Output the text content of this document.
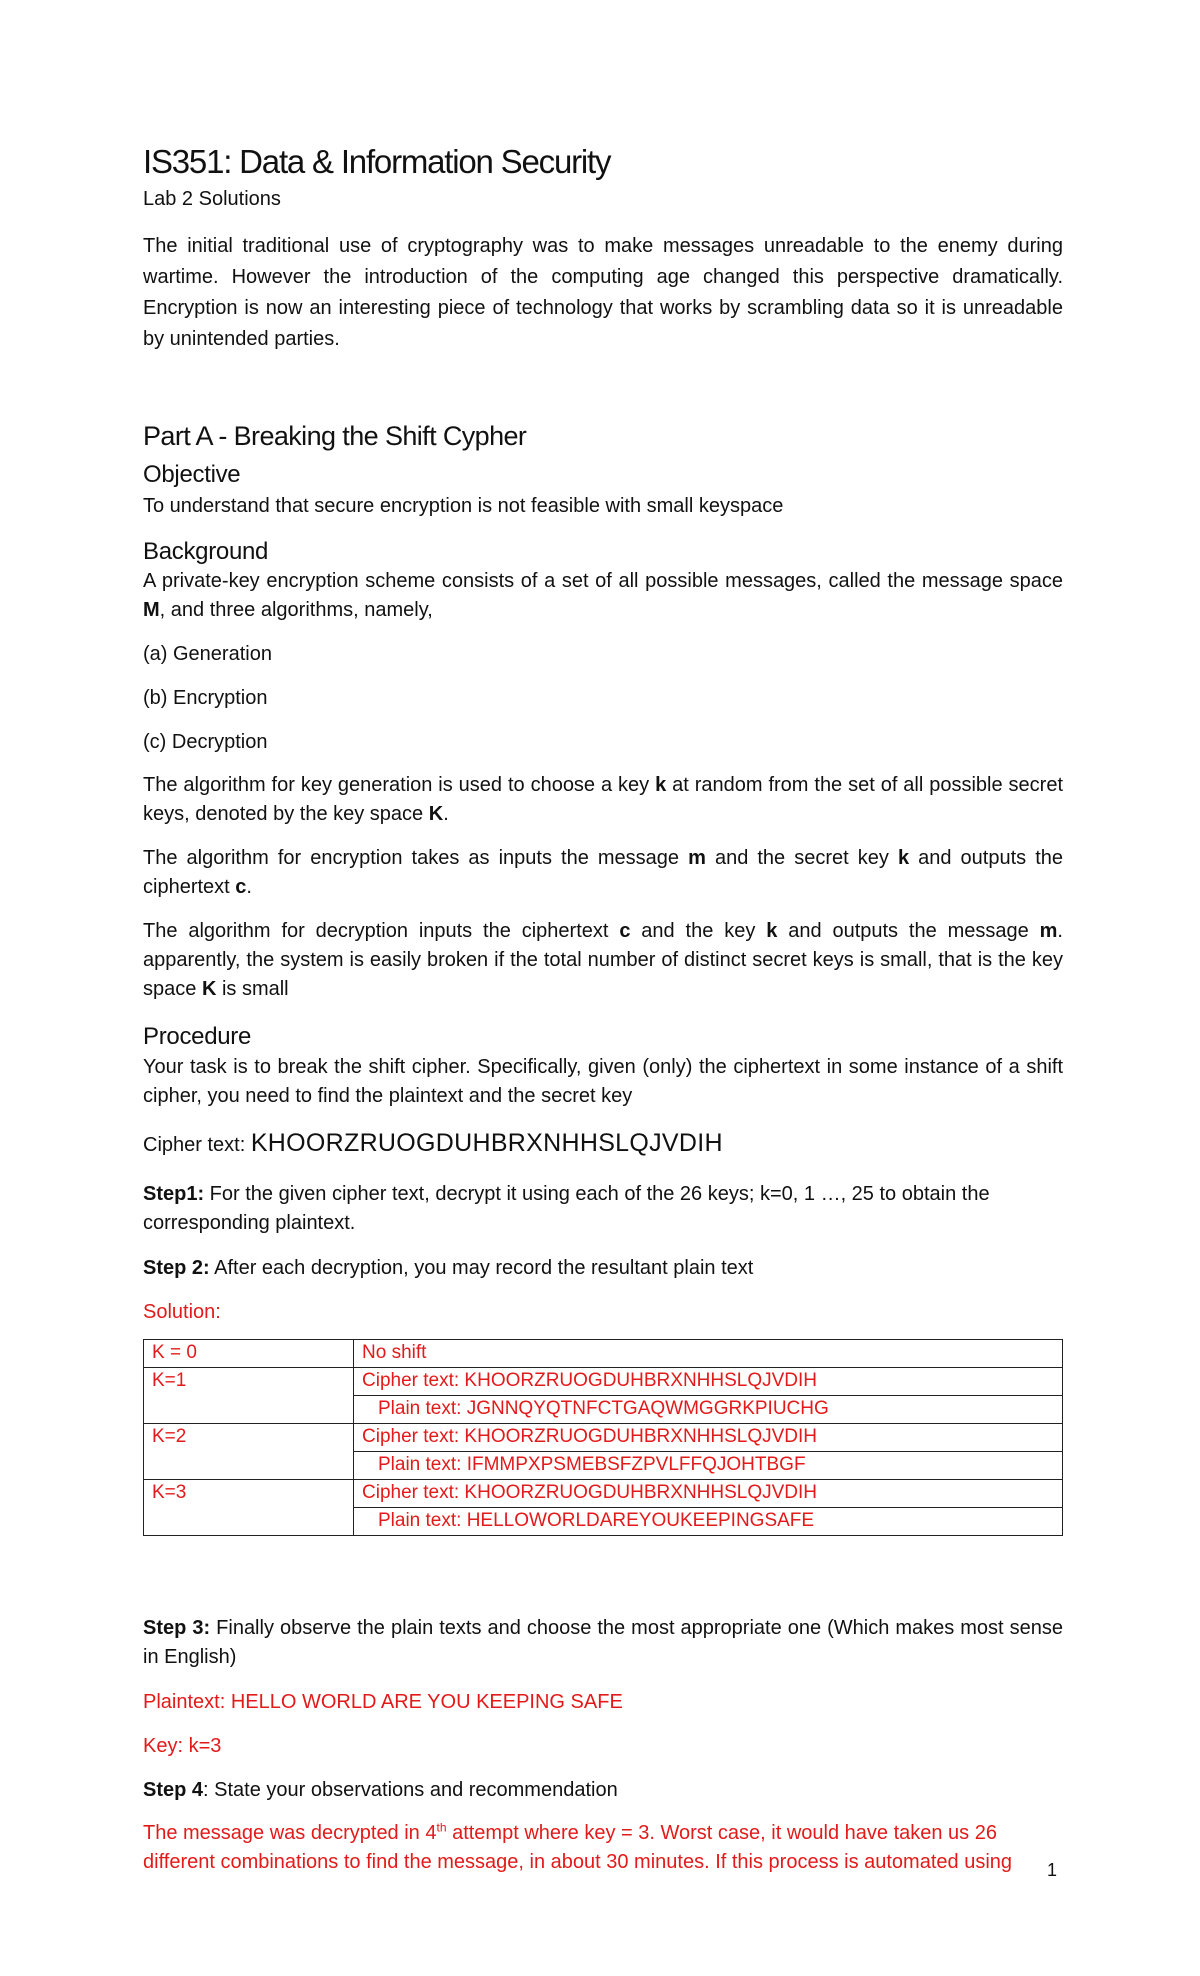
IS351: Data & Information Security
Lab 2 Solutions

The initial traditional use of cryptography was to make messages unreadable to the enemy during wartime. However the introduction of the computing age changed this perspective dramatically. Encryption is now an interesting piece of technology that works by scrambling data so it is unreadable by unintended parties.

Part A - Breaking the Shift Cypher
Objective

To understand that secure encryption is not feasible with small keyspace

Background

A private-key encryption scheme consists of a set of all possible messages, called the message space M, and three algorithms, namely,

(a) Generation

(b) Encryption

(c) Decryption

The algorithm for key generation is used to choose a key k at random from the set of all possible secret keys, denoted by the key space K.

The algorithm for encryption takes as inputs the message m and the secret key k and outputs the ciphertext c.

The algorithm for decryption inputs the ciphertext c and the key k and outputs the message m. apparently, the system is easily broken if the total number of distinct secret keys is small, that is the key space K is small

Procedure

Your task is to break the shift cipher. Specifically, given (only) the ciphertext in some instance of a shift cipher, you need to find the plaintext and the secret key

Cipher text: KHOORZRUOGDUHBRXNHHSLQJVDIH

Step1: For the given cipher text, decrypt it using each of the 26 keys; k=0, 1 …, 25 to obtain the corresponding plaintext.

Step 2: After each decryption, you may record the resultant plain text

Solution:

K = 0	No shift
K=1	Cipher text: KHOORZRUOGDUHBRXNHHSLQJVDIH
	Plain text: JGNNQYQTNFCTGAQWMGGRKPIUCHG
K=2	Cipher text: KHOORZRUOGDUHBRXNHHSLQJVDIH
	Plain text: IFMMPXPSMEBSFZPVLFFQJOHTBGF
K=3	Cipher text: KHOORZRUOGDUHBRXNHHSLQJVDIH
	Plain text: HELLOWORLDAREYOUKEEPINGSAFE

Step 3: Finally observe the plain texts and choose the most appropriate one (Which makes most sense in English)

Plaintext: HELLO WORLD ARE YOU KEEPING SAFE

Key: k=3

Step 4: State your observations and recommendation

The message was decrypted in 4th attempt where key = 3. Worst case, it would have taken us 26 different combinations to find the message, in about 30 minutes. If this process is automated using	1
